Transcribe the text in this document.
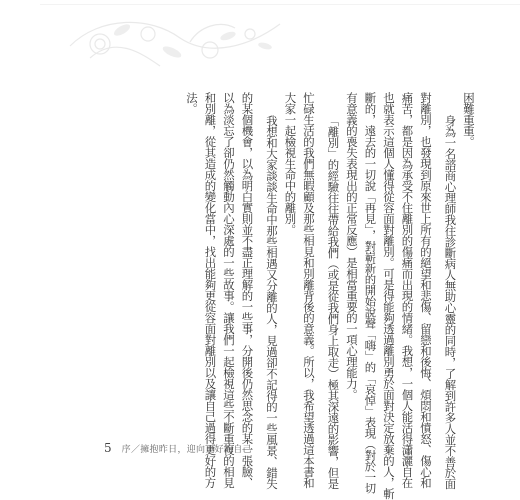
困難重重。
身為一名諮商心理師我往診斷病人無助心靈的同時，了解到許多人並不善於面
對離別，也發現到原來世上所有的絕望和悲傷、留戀和後悔、煩悶和憤怒、傷心和
痛苦，都是因為承受不住離別的傷痛而出現的情緒。我想，一個人能活得瀟灑自在
也就表示這個人懂得從容面對離別。可是得能夠透過離別勇於面對決定放棄的人，斬
斷的，遠去的一切說「再見」，對嶄新的開始說聲「嗨」的「哀悼」表現（對於一切
有意義的喪失表現出的正常反應）是相當重要的一項心理能力。
「離別」的經驗往往帶給我們（或是從我們身上取走）極其深遠的影響，但是
忙碌生活的我們無暇顧及那些相見和別離背後的意義。所以，我希望透過這本書和
大家一起檢視生命中的離別。
我想和大家談談生命中那些相遇又分離的人，見過卻不記得的一些風景、錯失
的某個機會，以為明白實則並不盡正理解的一些事，分開後仍然思念的某一張臉、
以為淡忘了卻仍然觸動內心深處的一些故事。讓我們一起檢視這些不斷重複的相見
和別離，從其造成的變化當中，找出能夠更從容面對離別以及讓自己過得更好的方
法。
5 序／擁抱昨日，迎向更好的自己
